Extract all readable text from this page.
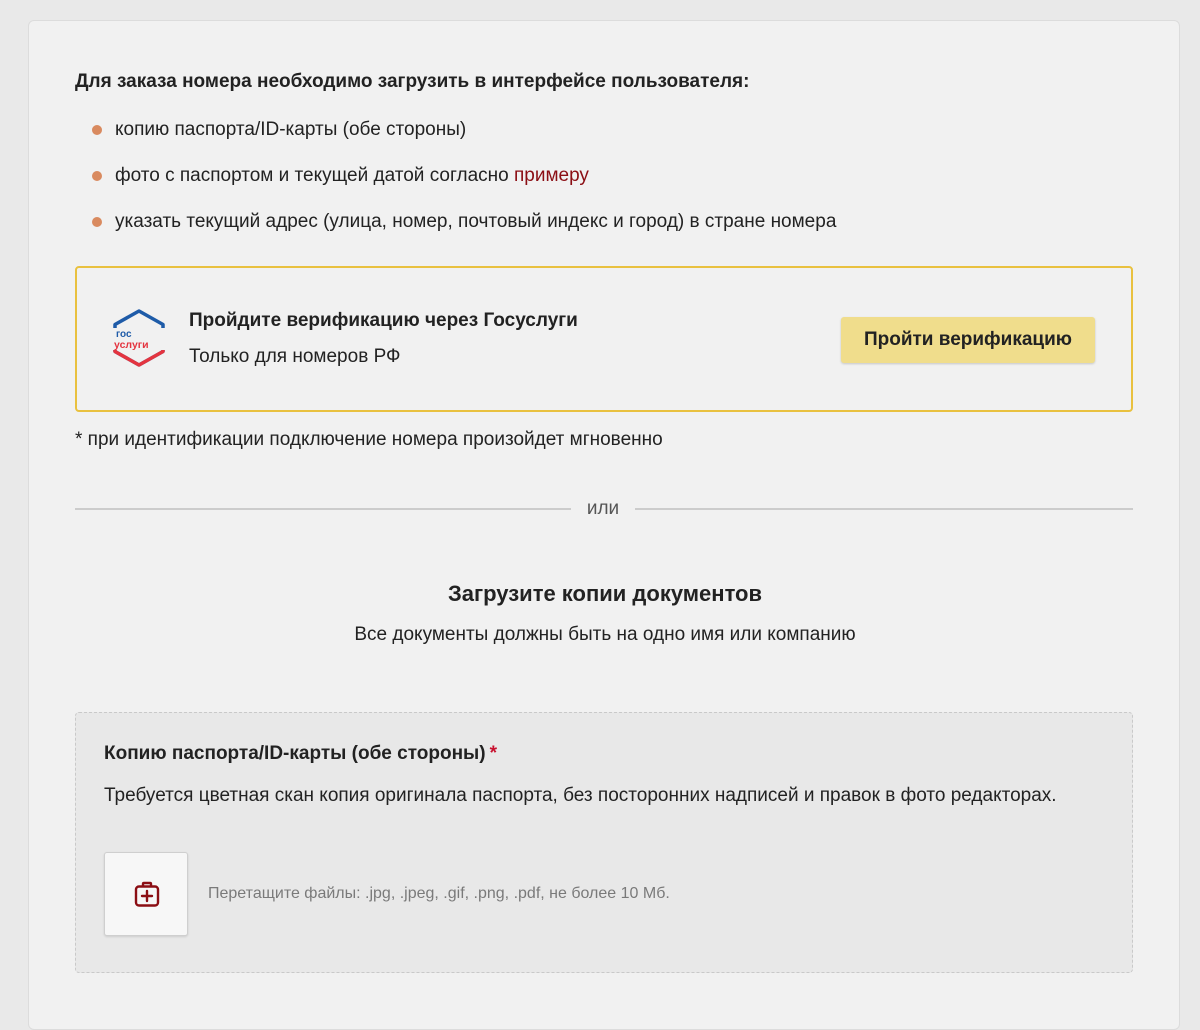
Для заказа номера необходимо загрузить в интерфейсе пользователя:

копию паспорта/ID-карты (обе стороны)
фото с паспортом и текущей датой согласно примеру
указать текущий адрес (улица, номер, почтовый индекс и город) в стране номера
гос
услуги
Пройдите верификацию через Госуслуги
Только для номеров РФ
Пройти верификацию
* при идентификации подключение номера произойдет мгновенно
или
Загрузите копии документов
Все документы должны быть на одно имя или компанию
Копию паспорта/ID-карты (обе стороны) *
Требуется цветная скан копия оригинала паспорта, без посторонних надписей и правок в фото редакторах.
Перетащите файлы: .jpg, .jpeg, .gif, .png, .pdf, не более 10 Мб.
